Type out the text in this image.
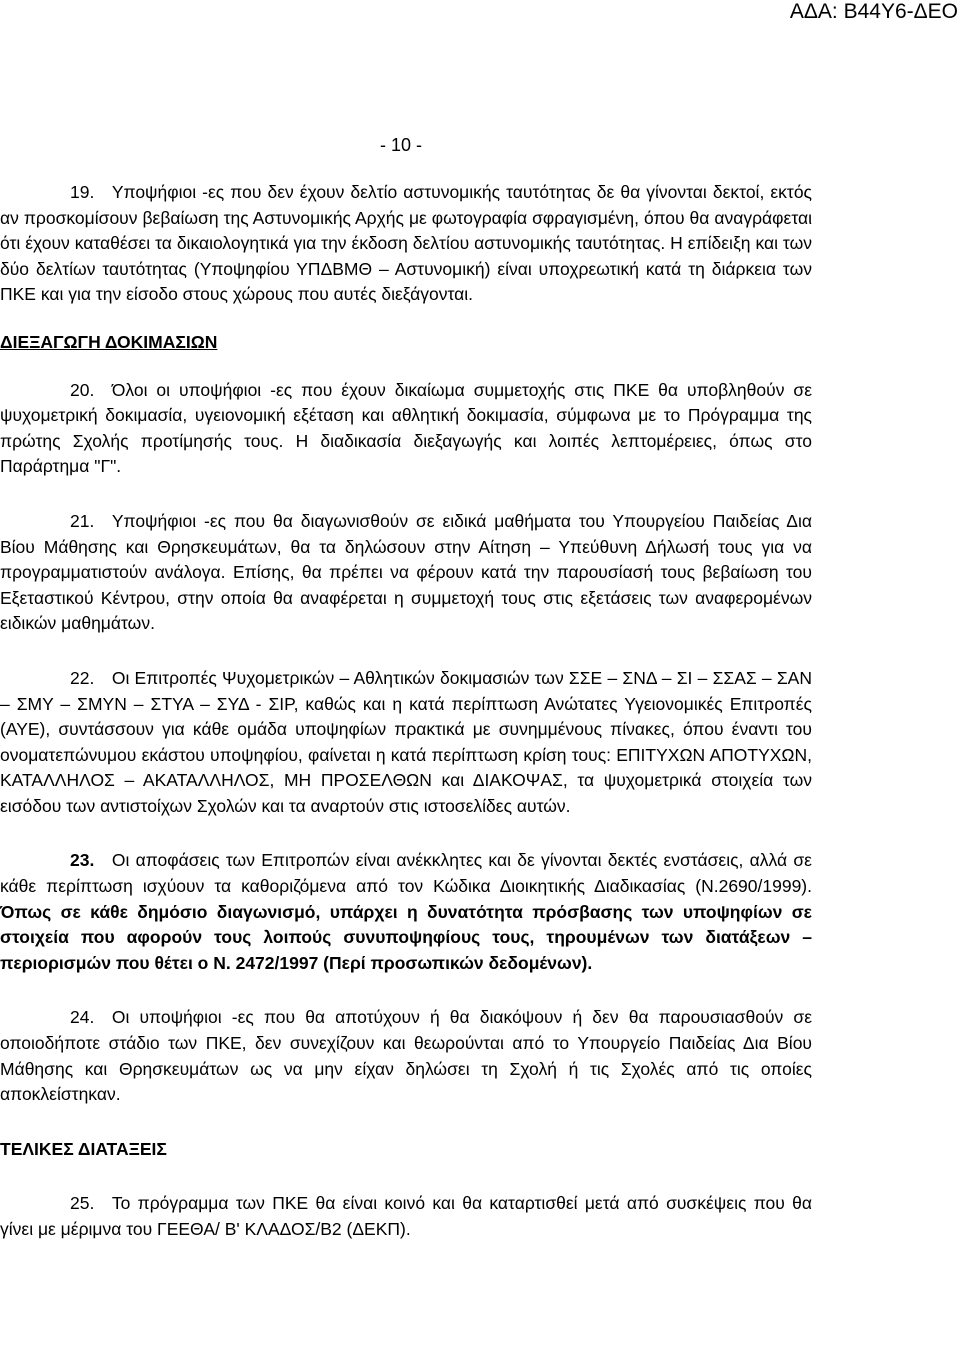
ΑΔΑ: Β44Υ6-ΔΕΟ
- 10 -

19. Υποψήφιοι -ες που δεν έχουν δελτίο αστυνομικής ταυτότητας δε θα γίνονται δεκτοί, εκτός αν προσκομίσουν βεβαίωση της Αστυνομικής Αρχής με φωτογραφία σφραγισμένη, όπου θα αναγράφεται ότι έχουν καταθέσει τα δικαιολογητικά για την έκδοση δελτίου αστυνομικής ταυτότητας. Η επίδειξη και των δύο δελτίων ταυτότητας (Υποψηφίου ΥΠΔΒΜΘ – Αστυνομική) είναι υποχρεωτική κατά τη διάρκεια των ΠΚΕ και για την είσοδο στους χώρους που αυτές διεξάγονται.

ΔΙΕΞΑΓΩΓΗ ΔΟΚΙΜΑΣΙΩΝ

20. Όλοι οι υποψήφιοι -ες που έχουν δικαίωμα συμμετοχής στις ΠΚΕ θα υποβληθούν σε ψυχομετρική δοκιμασία, υγειονομική εξέταση και αθλητική δοκιμασία, σύμφωνα με το Πρόγραμμα της πρώτης Σχολής προτίμησής τους. Η διαδικασία διεξαγωγής και λοιπές λεπτομέρειες, όπως στο Παράρτημα "Γ".

21. Υποψήφιοι -ες που θα διαγωνισθούν σε ειδικά μαθήματα του Υπουργείου Παιδείας Δια Βίου Μάθησης και Θρησκευμάτων, θα τα δηλώσουν στην Αίτηση – Υπεύθυνη Δήλωσή τους για να προγραμματιστούν ανάλογα. Επίσης, θα πρέπει να φέρουν κατά την παρουσίασή τους βεβαίωση του Εξεταστικού Κέντρου, στην οποία θα αναφέρεται η συμμετοχή τους στις εξετάσεις των αναφερομένων ειδικών μαθημάτων.

22. Οι Επιτροπές Ψυχομετρικών – Αθλητικών δοκιμασιών των ΣΣΕ – ΣΝΔ – ΣΙ – ΣΣΑΣ – ΣΑΝ – ΣΜΥ – ΣΜΥΝ – ΣΤΥΑ – ΣΥΔ - ΣΙΡ, καθώς και η κατά περίπτωση Ανώτατες Υγειονομικές Επιτροπές (ΑΥΕ), συντάσσουν για κάθε ομάδα υποψηφίων πρακτικά με συνημμένους πίνακες, όπου έναντι του ονοματεπώνυμου εκάστου υποψηφίου, φαίνεται η κατά περίπτωση κρίση τους: ΕΠΙΤΥΧΩΝ ΑΠΟΤΥΧΩΝ, ΚΑΤΑΛΛΗΛΟΣ – ΑΚΑΤΑΛΛΗΛΟΣ, ΜΗ ΠΡΟΣΕΛΘΩΝ και ΔΙΑΚΟΨΑΣ, τα ψυχομετρικά στοιχεία των εισόδου των αντιστοίχων Σχολών και τα αναρτούν στις ιστοσελίδες αυτών.

23. Οι αποφάσεις των Επιτροπών είναι ανέκκλητες και δε γίνονται δεκτές ενστάσεις, αλλά σε κάθε περίπτωση ισχύουν τα καθοριζόμενα από τον Κώδικα Διοικητικής Διαδικασίας (Ν.2690/1999). Όπως σε κάθε δημόσιο διαγωνισμό, υπάρχει η δυνατότητα πρόσβασης των υποψηφίων σε στοιχεία που αφορούν τους λοιπούς συνυποψηφίους τους, τηρουμένων των διατάξεων – περιορισμών που θέτει ο Ν. 2472/1997 (Περί προσωπικών δεδομένων).

24. Οι υποψήφιοι -ες που θα αποτύχουν ή θα διακόψουν ή δεν θα παρουσιασθούν σε οποιοδήποτε στάδιο των ΠΚΕ, δεν συνεχίζουν και θεωρούνται από το Υπουργείο Παιδείας Δια Βίου Μάθησης και Θρησκευμάτων ως να μην είχαν δηλώσει τη Σχολή ή τις Σχολές από τις οποίες αποκλείστηκαν.

ΤΕΛΙΚΕΣ ΔΙΑΤΑΞΕΙΣ

25. Το πρόγραμμα των ΠΚΕ θα είναι κοινό και θα καταρτισθεί μετά από συσκέψεις που θα γίνει με μέριμνα του ΓΕΕΘΑ/ Β' ΚΛΑΔΟΣ/Β2 (ΔΕΚΠ).
